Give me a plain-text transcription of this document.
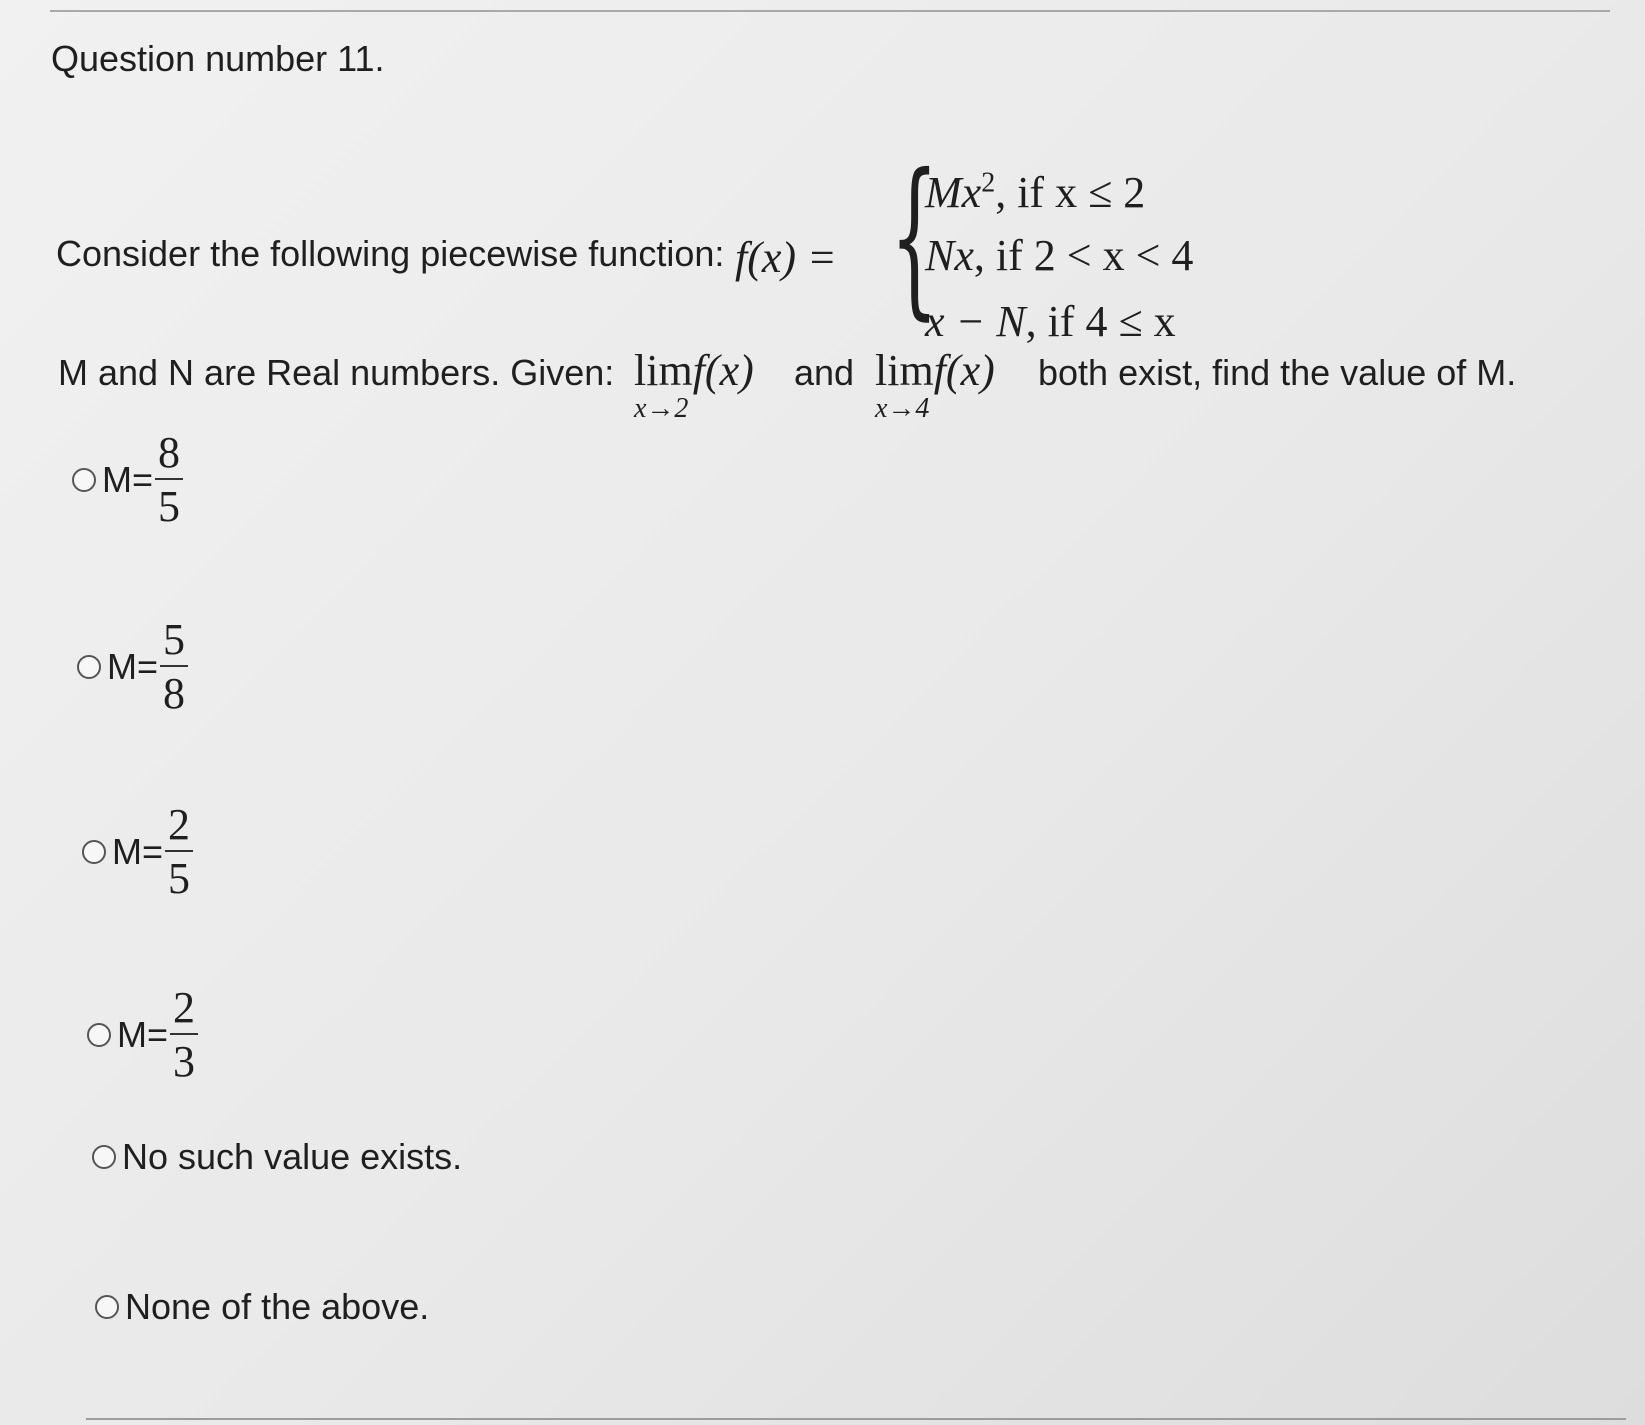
Question number 11.
Consider the following piecewise function: f(x) = {
Mx$^2$, if x ≤ 2
Nx, if 2 < x < 4
x − N, if 4 ≤ x
M and N are Real numbers. Given: limf(x)
x→2
and limf(x)
x→4
both exist, find the value of M.
$M= \frac{8}{5}$
$M= \frac{5}{8}$
$M= \frac{2}{5}$
$M= \frac{2}{3}$
No such value exists.
None of the above.
